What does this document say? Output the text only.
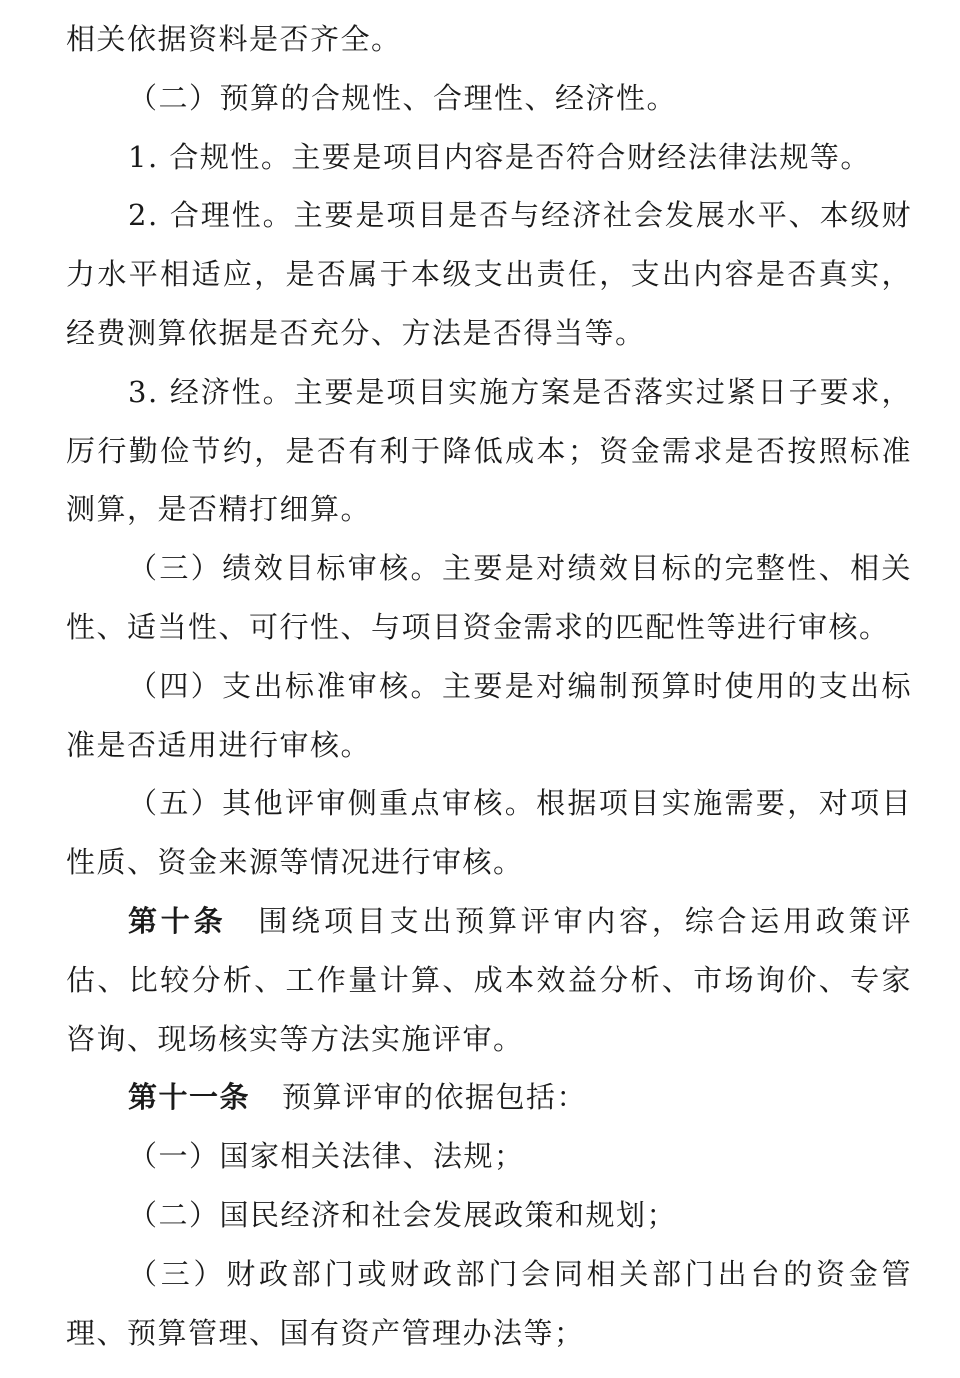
相关依据资料是否齐全。

（二）预算的合规性、合理性、经济性。

1. 合规性。主要是项目内容是否符合财经法律法规等。

2. 合理性。主要是项目是否与经济社会发展水平、本级财力水平相适应，是否属于本级支出责任，支出内容是否真实，经费测算依据是否充分、方法是否得当等。

3. 经济性。主要是项目实施方案是否落实过紧日子要求，厉行勤俭节约，是否有利于降低成本；资金需求是否按照标准测算，是否精打细算。

（三）绩效目标审核。主要是对绩效目标的完整性、相关性、适当性、可行性、与项目资金需求的匹配性等进行审核。

（四）支出标准审核。主要是对编制预算时使用的支出标准是否适用进行审核。

（五）其他评审侧重点审核。根据项目实施需要，对项目性质、资金来源等情况进行审核。

第十条 围绕项目支出预算评审内容，综合运用政策评估、比较分析、工作量计算、成本效益分析、市场询价、专家咨询、现场核实等方法实施评审。

第十一条 预算评审的依据包括：

（一）国家相关法律、法规；

（二）国民经济和社会发展政策和规划；

（三）财政部门或财政部门会同相关部门出台的资金管理、预算管理、国有资产管理办法等；
